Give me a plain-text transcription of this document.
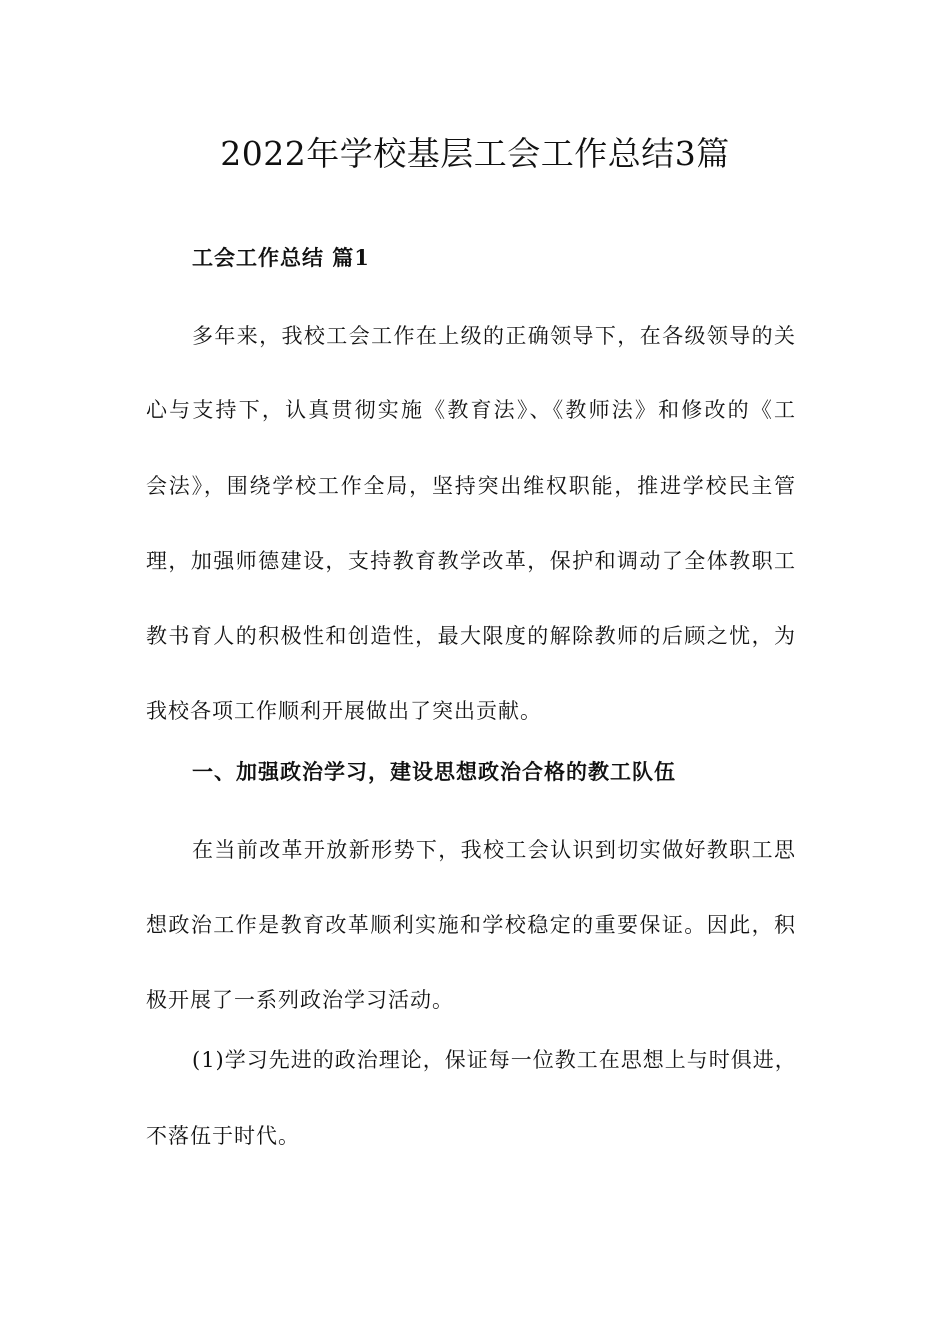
2022年学校基层工会工作总结3篇

工会工作总结 篇1

多年来，我校工会工作在上级的正确领导下，在各级领导的关

心与支持下，认真贯彻实施《教育法》、《教师法》和修改的《工

会法》，围绕学校工作全局，坚持突出维权职能，推进学校民主管

理，加强师德建设，支持教育教学改革，保护和调动了全体教职工

教书育人的积极性和创造性，最大限度的解除教师的后顾之忧，为

我校各项工作顺利开展做出了突出贡献。

一、加强政治学习，建设思想政治合格的教工队伍

在当前改革开放新形势下，我校工会认识到切实做好教职工思

想政治工作是教育改革顺利实施和学校稳定的重要保证。因此，积

极开展了一系列政治学习活动。

(1)学习先进的政治理论，保证每一位教工在思想上与时俱进，

不落伍于时代。
